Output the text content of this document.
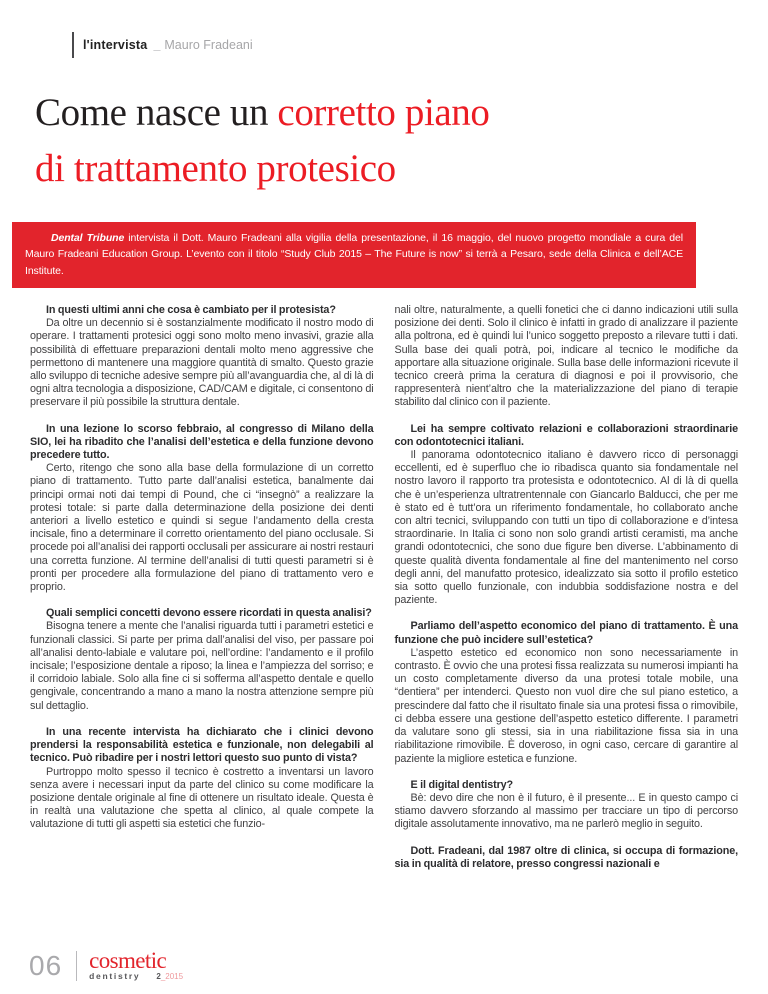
l'intervista _ Mauro Fradeani
Come nasce un corretto piano
di trattamento protesico

Dental Tribune intervista il Dott. Mauro Fradeani alla vigilia della presentazione, il 16 maggio, del nuovo progetto mondiale a cura del Mauro Fradeani Education Group. L’evento con il titolo “Study Club 2015 – The Future is now” si terrà a Pesaro, sede della Clinica e dell’ACE Institute.

In questi ultimi anni che cosa è cambiato per il protesista?

Da oltre un decennio si è sostanzialmente modificato il nostro modo di operare. I trattamenti protesici oggi sono molto meno invasivi, grazie alla possibilità di effettuare preparazioni dentali molto meno aggressive che permettono di mantenere una maggiore quantità di smalto. Questo grazie allo sviluppo di tecniche adesive sempre più all’avanguardia che, al di là di ogni altra tecnologia a disposizione, CAD/CAM e digitale, ci consentono di preservare il più possibile la struttura dentale.

In una lezione lo scorso febbraio, al congresso di Milano della SIO, lei ha ribadito che l’analisi dell’estetica e della funzione devono precedere tutto.

Certo, ritengo che sono alla base della formulazione di un corretto piano di trattamento. Tutto parte dall’analisi estetica, banalmente dai principi ormai noti dai tempi di Pound, che ci “insegnò” a realizzare la protesi totale: si parte dalla determinazione della posizione dei denti anteriori a livello estetico e quindi si segue l’andamento della cresta incisale, fino a determinare il corretto orientamento del piano occlusale. Si procede poi all’analisi dei rapporti occlusali per assicurare ai nostri restauri una corretta funzione. Al termine dell’analisi di tutti questi parametri si è pronti per procedere alla formulazione del piano di trattamento vero e proprio.

Quali semplici concetti devono essere ricordati in questa analisi?

Bisogna tenere a mente che l’analisi riguarda tutti i parametri estetici e funzionali classici. Si parte per prima dall’analisi del viso, per passare poi all’analisi dento-labiale e valutare poi, nell’ordine: l’andamento e il profilo incisale; l’esposizione dentale a riposo; la linea e l’ampiezza del sorriso; e il corridoio labiale. Solo alla fine ci si sofferma all’aspetto dentale e quello gengivale, concentrando a mano a mano la nostra attenzione sempre più sul dettaglio.

In una recente intervista ha dichiarato che i clinici devono prendersi la responsabilità estetica e funzionale, non delegabili al tecnico. Può ribadire per i nostri lettori questo suo punto di vista?

Purtroppo molto spesso il tecnico è costretto a inventarsi un lavoro senza avere i necessari input da parte del clinico su come modificare la posizione dentale originale al fine di ottenere un risultato ideale. Questa è in realtà una valutazione che spetta al clinico, al quale compete la valutazione di tutti gli aspetti sia estetici che funzio-

nali oltre, naturalmente, a quelli fonetici che ci danno indicazioni utili sulla posizione dei denti. Solo il clinico è infatti in grado di analizzare il paziente alla poltrona, ed è quindi lui l’unico soggetto preposto a rilevare tutti i dati. Sulla base dei quali potrà, poi, indicare al tecnico le modifiche da apportare alla situazione originale. Sulla base delle informazioni ricevute il tecnico creerà prima la ceratura di diagnosi e poi il provvisorio, che rappresenterà nient’altro che la materializzazione del piano di terapie stabilito dal clinico con il paziente.

Lei ha sempre coltivato relazioni e collaborazioni straordinarie con odontotecnici italiani.

Il panorama odontotecnico italiano è davvero ricco di personaggi eccellenti, ed è superfluo che io ribadisca quanto sia fondamentale nel nostro lavoro il rapporto tra protesista e odontotecnico. Al di là di quella che è un’esperienza ultratrentennale con Giancarlo Balducci, che per me è stato ed è tutt’ora un riferimento fondamentale, ho collaborato anche con altri tecnici, sviluppando con tutti un tipo di collaborazione e d’intesa straordinarie. In Italia ci sono non solo grandi artisti ceramisti, ma anche grandi odontotecnici, che sono due figure ben diverse. L’abbinamento di queste qualità diventa fondamentale al fine del mantenimento nel corso degli anni, del manufatto protesico, idealizzato sia sotto il profilo estetico sia sotto quello funzionale, con indubbia soddisfazione nostra e del paziente.

Parliamo dell’aspetto economico del piano di trattamento. È una funzione che può incidere sull’estetica?

L’aspetto estetico ed economico non sono necessariamente in contrasto. È ovvio che una protesi fissa realizzata su numerosi impianti ha un costo completamente diverso da una protesi totale mobile, una “dentiera” per intenderci. Questo non vuol dire che sul piano estetico, a prescindere dal fatto che il risultato finale sia una protesi fissa o rimovibile, ci debba essere una gestione dell’aspetto estetico differente. I parametri da valutare sono gli stessi, sia in una riabilitazione fissa sia in una riabilitazione rimovibile. È doveroso, in ogni caso, cercare di garantire al paziente la migliore estetica e funzione.

E il digital dentistry?

Bè: devo dire che non è il futuro, è il presente... E in questo campo ci stiamo davvero sforzando al massimo per tracciare un tipo di percorso digitale assolutamente innovativo, ma ne parlerò meglio in seguito.

Dott. Fradeani, dal 1987 oltre di clinica, si occupa di formazione, sia in qualità di relatore, presso congressi nazionali e

06 cosmetic
dentistry 2_2015
